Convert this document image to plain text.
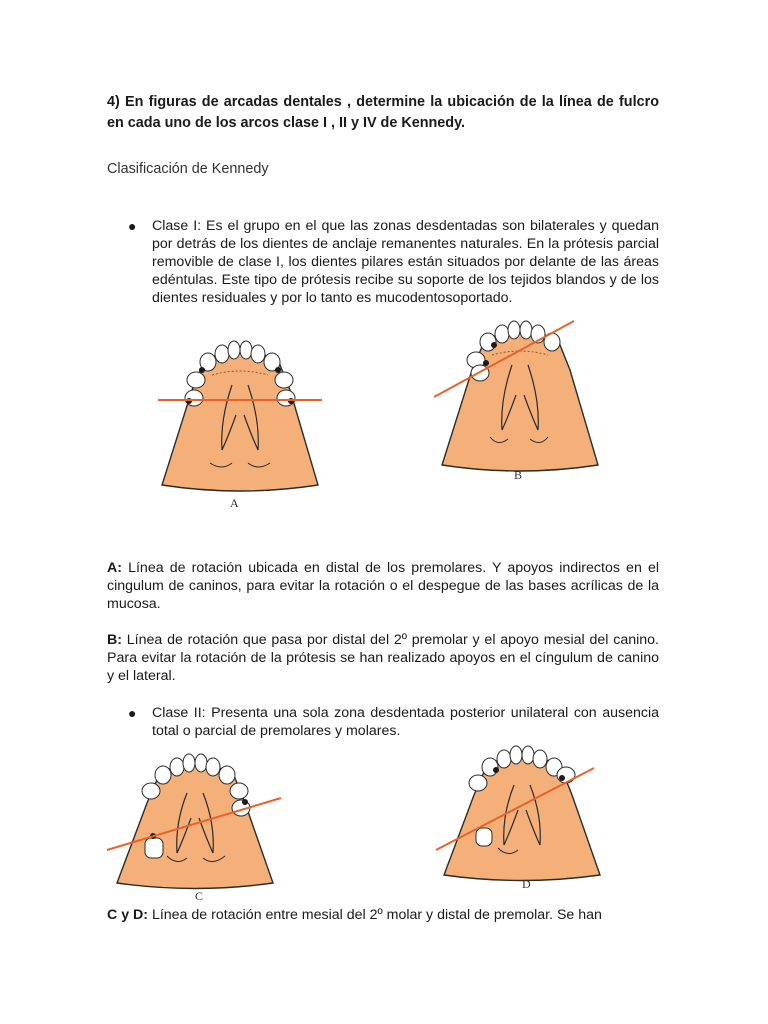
4) En figuras de arcadas dentales , determine la ubicación de la línea de fulcro en cada uno de los arcos clase I , II y IV de Kennedy.

Clasificación de Kennedy

● Clase I: Es el grupo en el que las zonas desdentadas son bilaterales y quedan por detrás de los dientes de anclaje remanentes naturales. En la prótesis parcial removible de clase I, los dientes pilares están situados por delante de las áreas edéntulas. Este tipo de prótesis recibe su soporte de los tejidos blandos y de los dientes residuales y por lo tanto es mucodentosoportado.
A
B

A: Línea de rotación ubicada en distal de los premolares. Y apoyos indirectos en el cingulum de caninos, para evitar la rotación o el despegue de las bases acrílicas de la mucosa.

B: Línea de rotación que pasa por distal del 2º premolar y el apoyo mesial del canino. Para evitar la rotación de la prótesis se han realizado apoyos en el cíngulum de canino y el lateral.

● Clase II: Presenta una sola zona desdentada posterior unilateral con ausencia total o parcial de premolares y molares.
C
D

C y D: Línea de rotación entre mesial del 2º molar y distal de premolar. Se han
